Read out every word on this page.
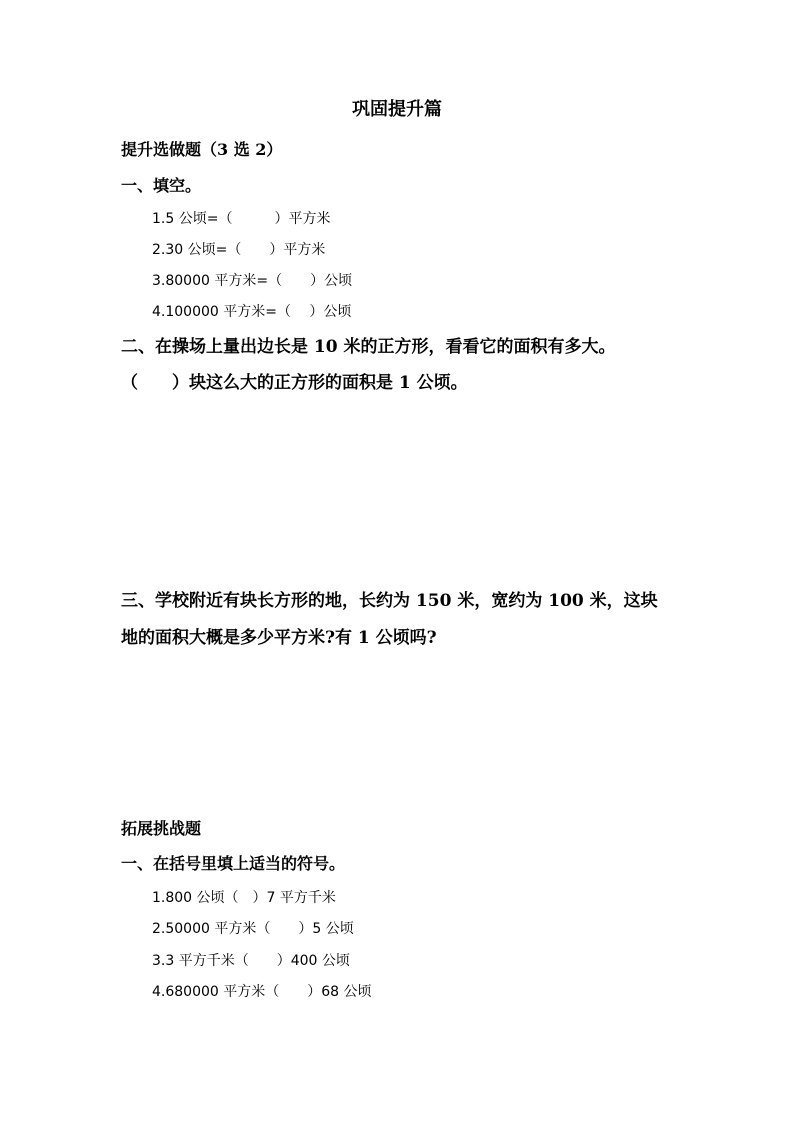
巩固提升篇
提升选做题（3 选 2）
一、填空。
1.5 公顷=（　　　）平方米
2.30 公顷=（　　）平方米
3.80000 平方米=（　　）公顷
4.100000 平方米=（　 ）公顷
二、在操场上量出边长是 10 米的正方形，看看它的面积有多大。
（　　）块这么大的正方形的面积是 1 公顷。
三、学校附近有块长方形的地，长约为 150 米，宽约为 100 米，这块
地的面积大概是多少平方米?有 1 公顷吗?
拓展挑战题
一、在括号里填上适当的符号。
1.800 公顷（　）7 平方千米
2.50000 平方米（　　）5 公顷
3.3 平方千米（　　）400 公顷
4.680000 平方米（　　）68 公顷
